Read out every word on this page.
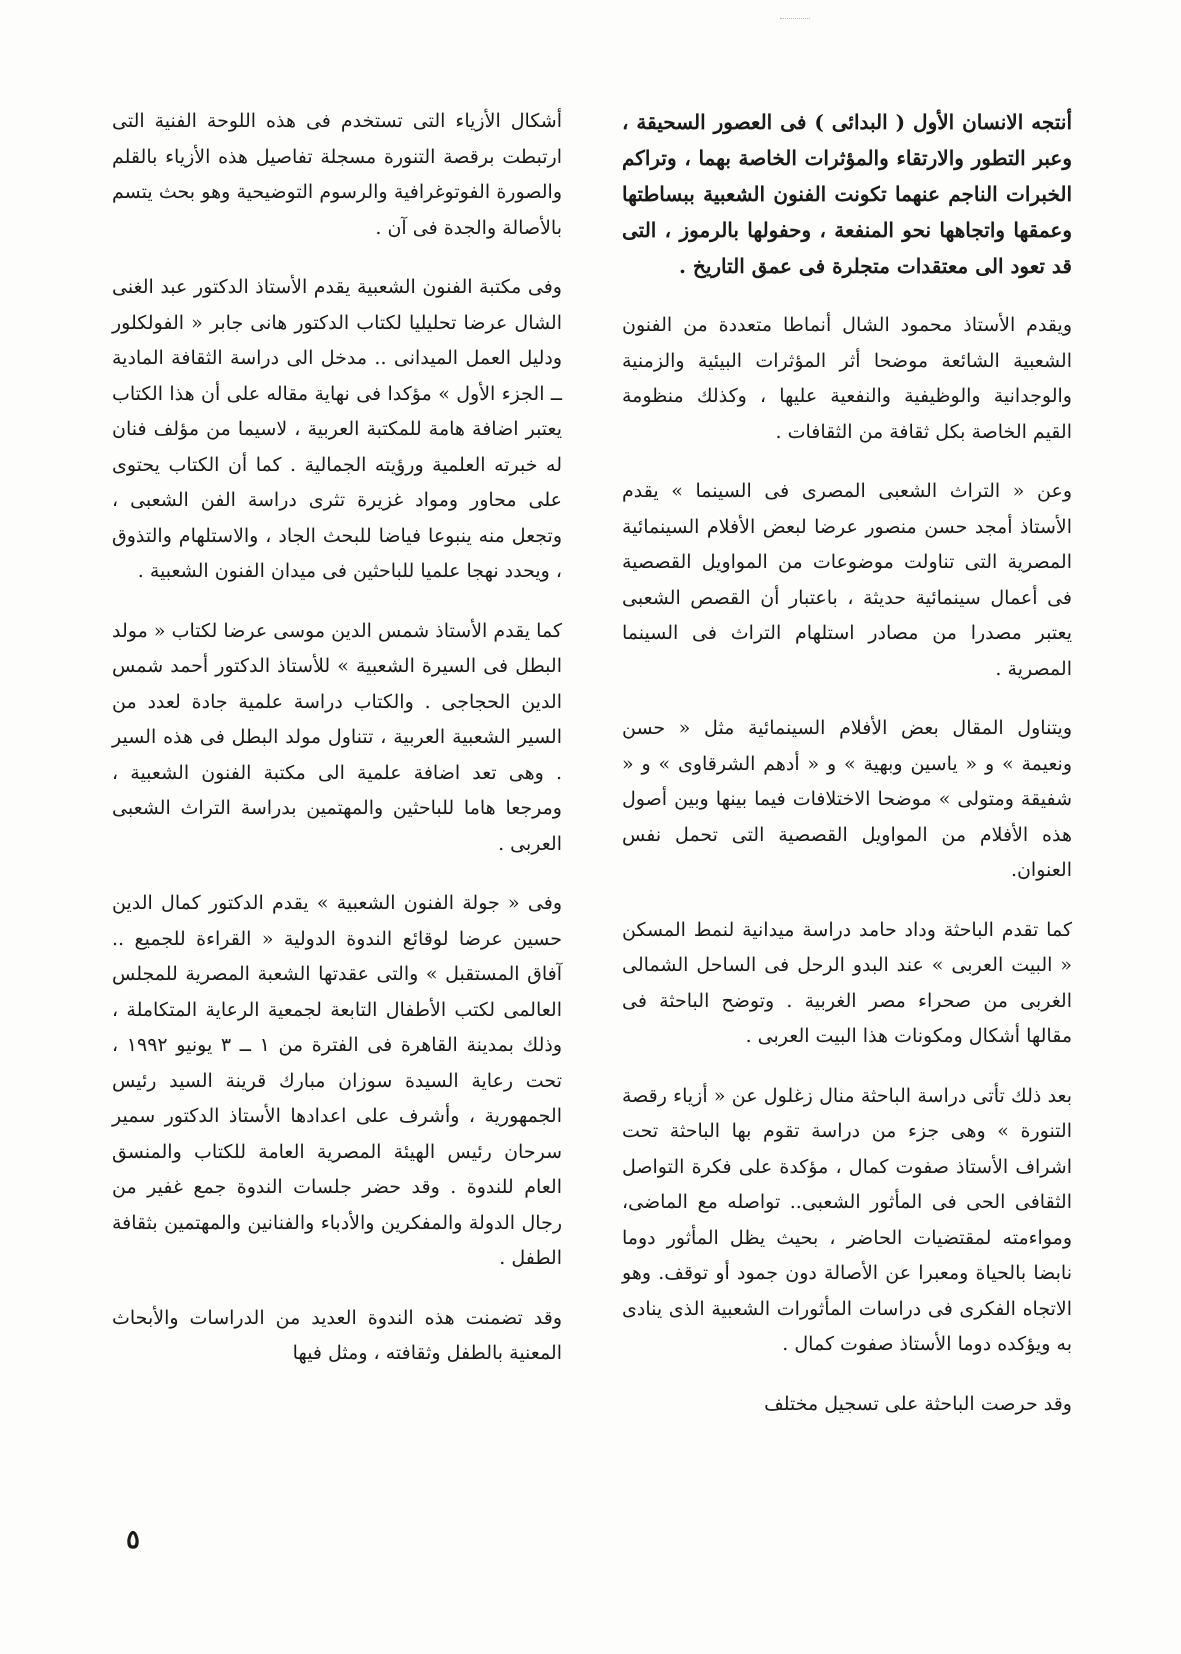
أنتجه الانسان الأول ( البدائى ) فى العصور السحيقة ، وعبر التطور والارتقاء والمؤثرات الخاصة بهما ، وتراكم الخبرات الناجم عنهما تكونت الفنون الشعبية ببساطتها وعمقها واتجاهها نحو المنفعة ، وحفولها بالرموز ، التى قد تعود الى معتقدات متجلرة فى عمق التاريخ .

ويقدم الأستاذ محمود الشال أنماطا متعددة من الفنون الشعبية الشائعة موضحا أثر المؤثرات البيئية والزمنية والوجدانية والوظيفية والنفعية عليها ، وكذلك منظومة القيم الخاصة بكل ثقافة من الثقافات .

وعن « التراث الشعبى المصرى فى السينما » يقدم الأستاذ أمجد حسن منصور عرضا لبعض الأفلام السينمائية المصرية التى تناولت موضوعات من المواويل القصصية فى أعمال سينمائية حديثة ، باعتبار أن القصص الشعبى يعتبر مصدرا من مصادر استلهام التراث فى السينما المصرية .

ويتناول المقال بعض الأفلام السينمائية مثل « حسن ونعيمة » و « ياسين وبهية » و « أدهم الشرقاوى » و « شفيقة ومتولى » موضحا الاختلافات فيما بينها وبين أصول هذه الأفلام من المواويل القصصية التى تحمل نفس العنوان.

كما تقدم الباحثة وداد حامد دراسة ميدانية لنمط المسكن « البيت العربى » عند البدو الرحل فى الساحل الشمالى الغربى من صحراء مصر الغربية . وتوضح الباحثة فى مقالها أشكال ومكونات هذا البيت العربى .

بعد ذلك تأتى دراسة الباحثة منال زغلول عن « أزياء رقصة التنورة » وهى جزء من دراسة تقوم بها الباحثة تحت اشراف الأستاذ صفوت كمال ، مؤكدة على فكرة التواصل الثقافى الحى فى المأثور الشعبى.. تواصله مع الماضى، ومواءمته لمقتضيات الحاضر ، بحيث يظل المأثور دوما نابضا بالحياة ومعبرا عن الأصالة دون جمود أو توقف. وهو الاتجاه الفكرى فى دراسات المأثورات الشعبية الذى ينادى به ويؤكده دوما الأستاذ صفوت كمال .

وقد حرصت الباحثة على تسجيل مختلف

أشكال الأزياء التى تستخدم فى هذه اللوحة الفنية التى ارتبطت برقصة التنورة مسجلة تفاصيل هذه الأزياء بالقلم والصورة الفوتوغرافية والرسوم التوضيحية وهو بحث يتسم بالأصالة والجدة فى آن .

وفى مكتبة الفنون الشعبية يقدم الأستاذ الدكتور عبد الغنى الشال عرضا تحليليا لكتاب الدكتور هانى جابر « الفولكلور ودليل العمل الميدانى .. مدخل الى دراسة الثقافة المادية ــ الجزء الأول » مؤكدا فى نهاية مقاله على أن هذا الكتاب يعتبر اضافة هامة للمكتبة العربية ، لاسيما من مؤلف فنان له خبرته العلمية ورؤيته الجمالية . كما أن الكتاب يحتوى على محاور ومواد غزيرة تثرى دراسة الفن الشعبى ، وتجعل منه ينبوعا فياضا للبحث الجاد ، والاستلهام والتذوق ، ويحدد نهجا علميا للباحثين فى ميدان الفنون الشعبية .

كما يقدم الأستاذ شمس الدين موسى عرضا لكتاب « مولد البطل فى السيرة الشعبية » للأستاذ الدكتور أحمد شمس الدين الحجاجى . والكتاب دراسة علمية جادة لعدد من السير الشعبية العربية ، تتناول مولد البطل فى هذه السير . وهى تعد اضافة علمية الى مكتبة الفنون الشعبية ، ومرجعا هاما للباحثين والمهتمين بدراسة التراث الشعبى العربى .

وفى « جولة الفنون الشعبية » يقدم الدكتور كمال الدين حسين عرضا لوقائع الندوة الدولية « القراءة للجميع .. آفاق المستقبل » والتى عقدتها الشعبة المصرية للمجلس العالمى لكتب الأطفال التابعة لجمعية الرعاية المتكاملة ، وذلك بمدينة القاهرة فى الفترة من ١ ــ ٣ يونيو ١٩٩٢ ، تحت رعاية السيدة سوزان مبارك قرينة السيد رئيس الجمهورية ، وأشرف على اعدادها الأستاذ الدكتور سمير سرحان رئيس الهيئة المصرية العامة للكتاب والمنسق العام للندوة . وقد حضر جلسات الندوة جمع غفير من رجال الدولة والمفكرين والأدباء والفنانين والمهتمين بثقافة الطفل .

وقد تضمنت هذه الندوة العديد من الدراسات والأبحاث المعنية بالطفل وثقافته ، ومثل فيها

٥
